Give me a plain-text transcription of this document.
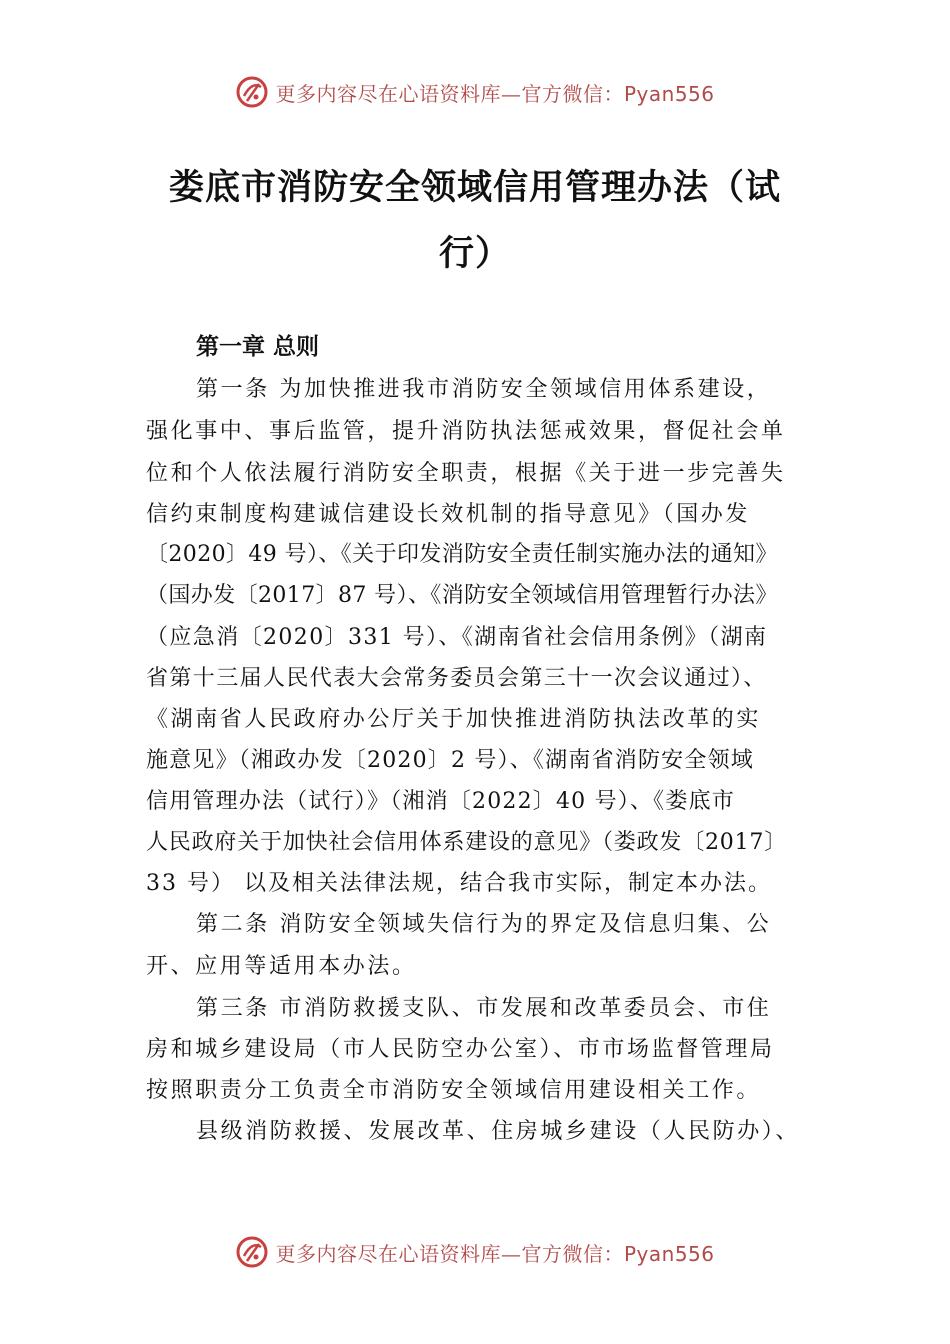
更多内容尽在心语资料库—官方微信：Pyan556
娄底市消防安全领域信用管理办法（试
行）
第一章 总则
第一条 为加快推进我市消防安全领域信用体系建设，
强化事中、事后监管，提升消防执法惩戒效果，督促社会单
位和个人依法履行消防安全职责，根据《关于进一步完善失
信约束制度构建诚信建设长效机制的指导意见》（国办发
〔2020〕49 号）、《关于印发消防安全责任制实施办法的通知》
（国办发〔2017〕87 号）、《消防安全领域信用管理暂行办法》
（应急消〔2020〕331 号）、《湖南省社会信用条例》（湖南
省第十三届人民代表大会常务委员会第三十一次会议通过）、
《湖南省人民政府办公厅关于加快推进消防执法改革的实
施意见》（湘政办发〔2020〕2 号）、《湖南省消防安全领域
信用管理办法（试行）》（湘消〔2022〕40 号）、《娄底市
人民政府关于加快社会信用体系建设的意见》（娄政发〔2017〕
33 号） 以及相关法律法规，结合我市实际，制定本办法。
第二条 消防安全领域失信行为的界定及信息归集、公
开、应用等适用本办法。
第三条 市消防救援支队、市发展和改革委员会、市住
房和城乡建设局（市人民防空办公室）、市市场监督管理局
按照职责分工负责全市消防安全领域信用建设相关工作。
县级消防救援、发展改革、住房城乡建设（人民防办）、
更多内容尽在心语资料库—官方微信：Pyan556
